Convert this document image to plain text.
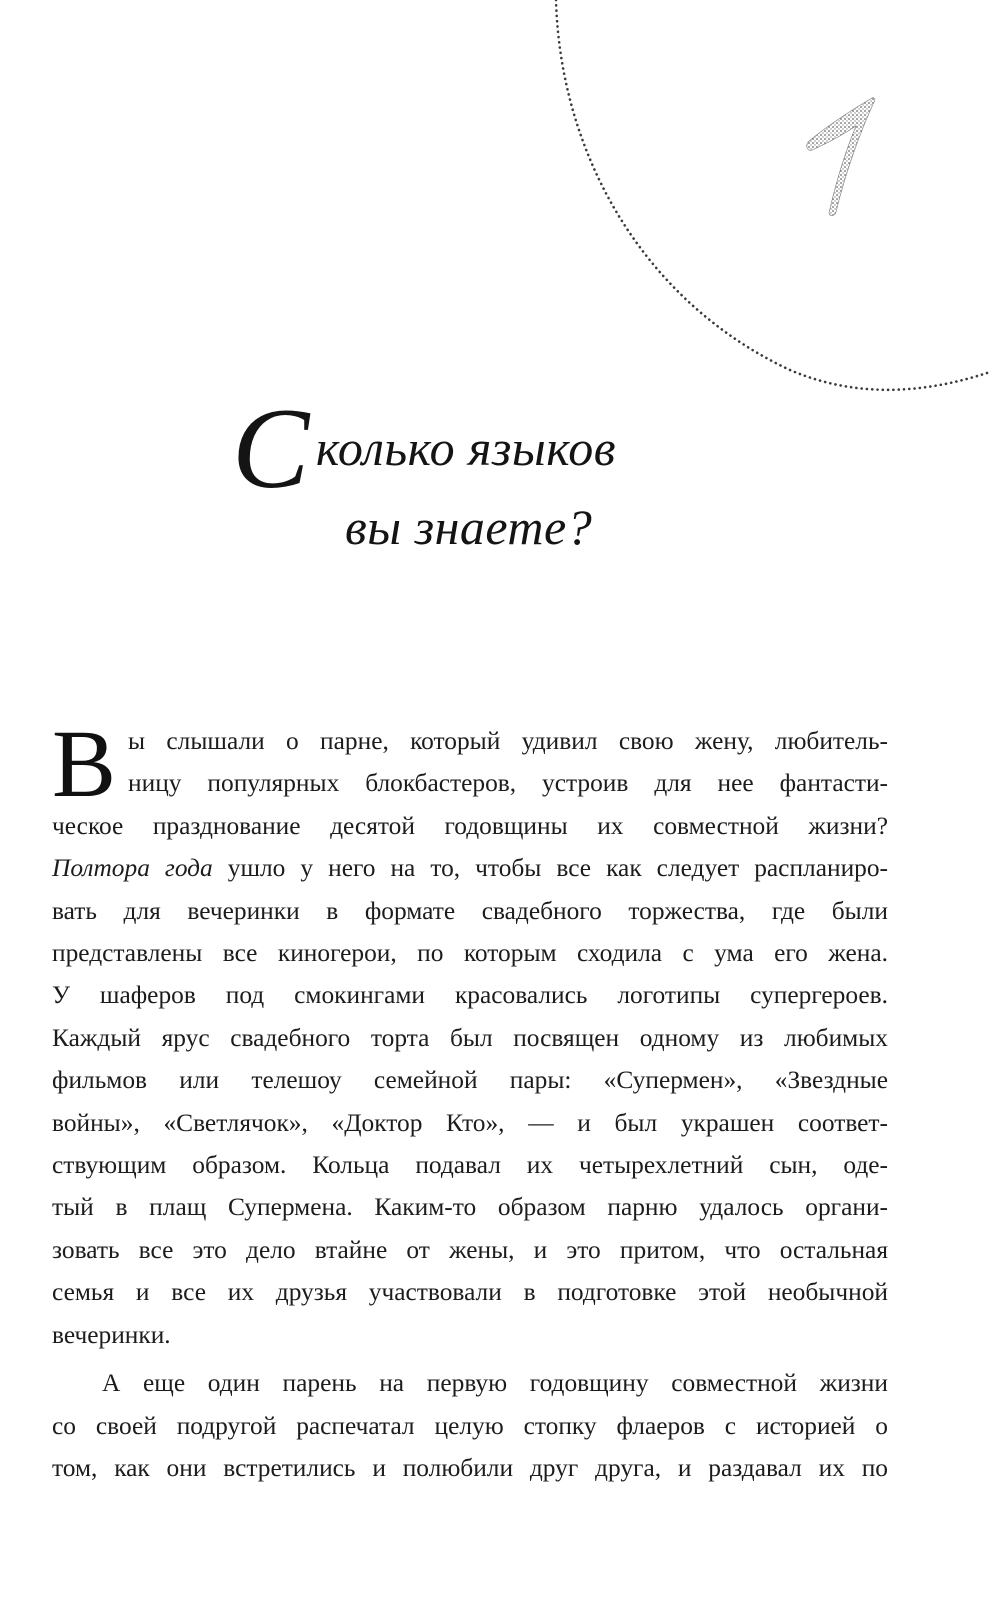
Сколько языков
вы знаете?
В ы слышали о парне, который удивил свою жену, любитель-
ницу популярных блокбастеров, устроив для нее фантасти-
ческое празднование десятой годовщины их совместной жизни?
Полтора года ушло у него на то, чтобы все как следует распланиро-
вать для вечеринки в формате свадебного торжества, где были
представлены все киногерои, по которым сходила с ума его жена.
У шаферов под смокингами красовались логотипы супергероев.
Каждый ярус свадебного торта был посвящен одному из любимых
фильмов или телешоу семейной пары: «Супермен», «Звездные
войны», «Светлячок», «Доктор Кто», — и был украшен соответ-
ствующим образом. Кольца подавал их четырехлетний сын, оде-
тый в плащ Супермена. Каким-то образом парню удалось органи-
зовать все это дело втайне от жены, и это притом, что остальная
семья и все их друзья участвовали в подготовке этой необычной
вечеринки.
А еще один парень на первую годовщину совместной жизни
со своей подругой распечатал целую стопку флаеров с историей о
том, как они встретились и полюбили друг друга, и раздавал их по
